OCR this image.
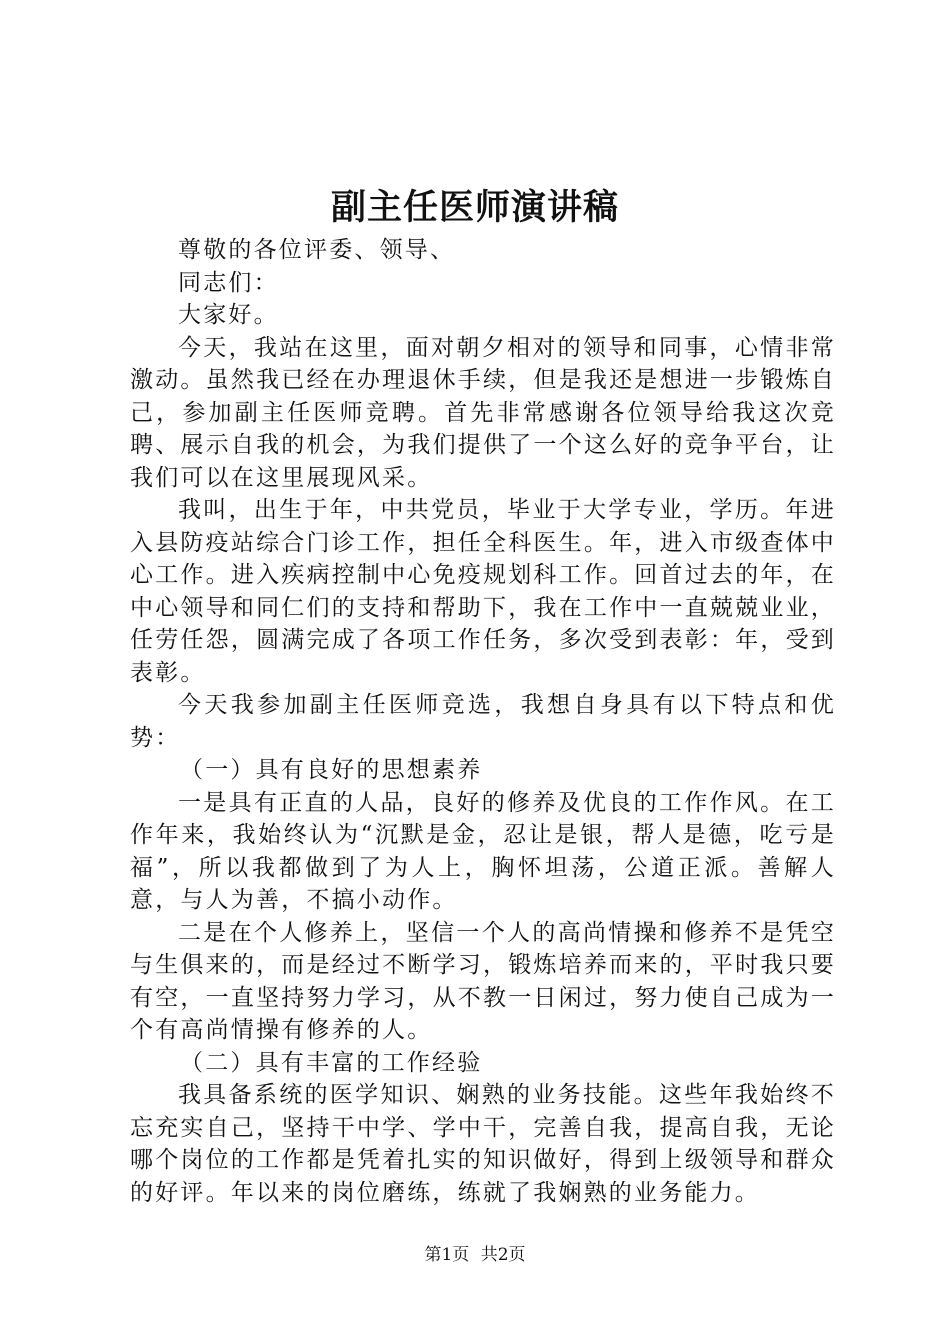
副主任医师演讲稿

尊敬的各位评委、领导、

同志们：

大家好。

今天，我站在这里，面对朝夕相对的领导和同事，心情非常激动。虽然我已经在办理退休手续，但是我还是想进一步锻炼自己，参加副主任医师竞聘。首先非常感谢各位领导给我这次竞聘、展示自我的机会，为我们提供了一个这么好的竞争平台，让我们可以在这里展现风采。

我叫，出生于年，中共党员，毕业于大学专业，学历。年进入县防疫站综合门诊工作，担任全科医生。年，进入市级查体中心工作。进入疾病控制中心免疫规划科工作。回首过去的年，在中心领导和同仁们的支持和帮助下，我在工作中一直兢兢业业，任劳任怨，圆满完成了各项工作任务，多次受到表彰：年，受到表彰。

今天我参加副主任医师竞选，我想自身具有以下特点和优势：

（一）具有良好的思想素养

一是具有正直的人品，良好的修养及优良的工作作风。在工作年来，我始终认为“沉默是金，忍让是银，帮人是德，吃亏是福”，所以我都做到了为人上，胸怀坦荡，公道正派。善解人意，与人为善，不搞小动作。

二是在个人修养上，坚信一个人的高尚情操和修养不是凭空与生俱来的，而是经过不断学习，锻炼培养而来的，平时我只要有空，一直坚持努力学习，从不教一日闲过，努力使自己成为一个有高尚情操有修养的人。

（二）具有丰富的工作经验

我具备系统的医学知识、娴熟的业务技能。这些年我始终不忘充实自己，坚持干中学、学中干，完善自我，提高自我，无论哪个岗位的工作都是凭着扎实的知识做好，得到上级领导和群众的好评。年以来的岗位磨练，练就了我娴熟的业务能力。

第1页 共2页
